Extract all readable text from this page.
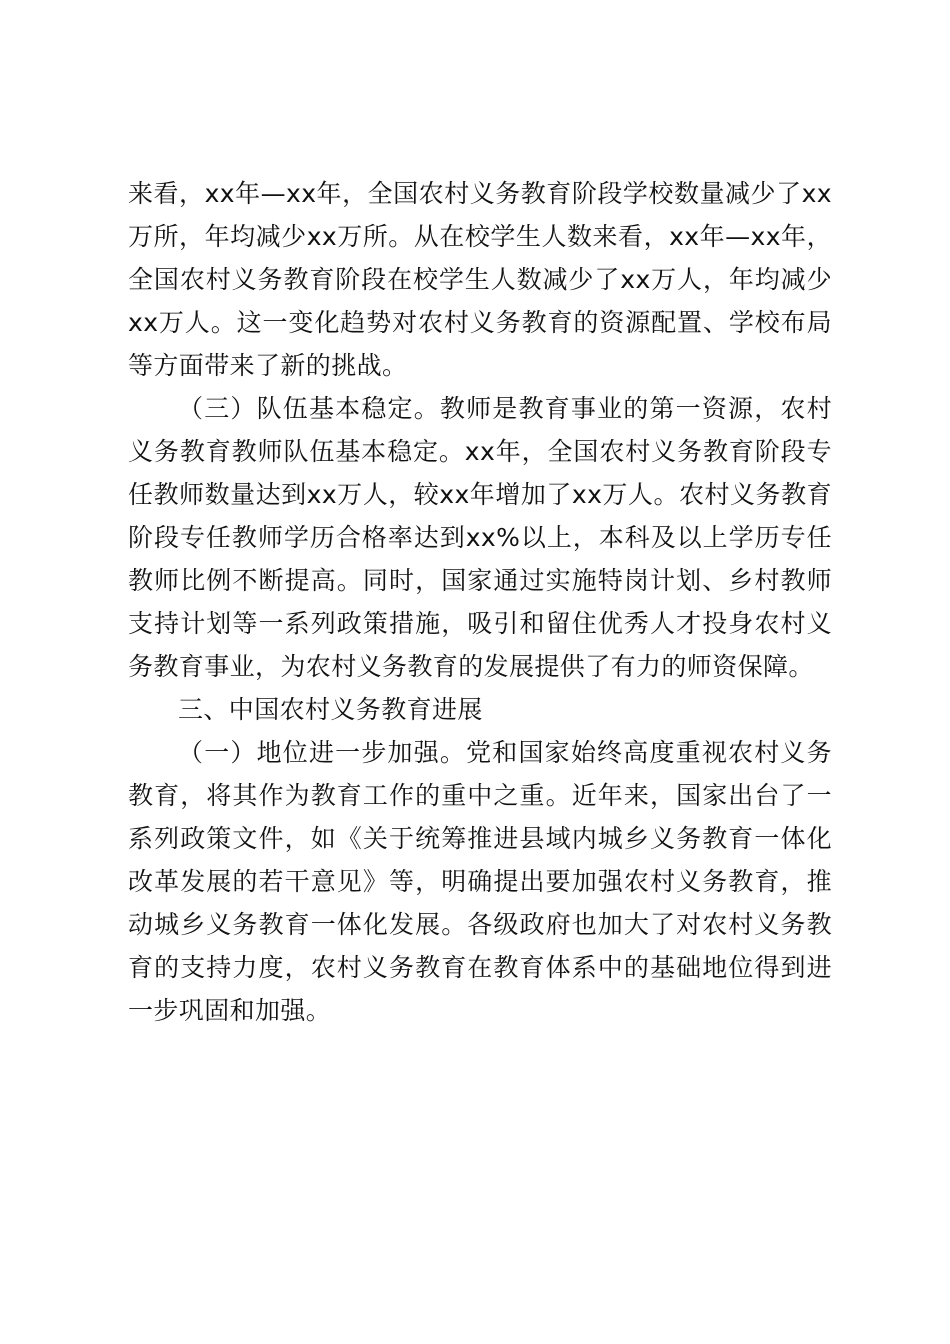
来看，xx年—xx年，全国农村义务教育阶段学校数量减少了xx万所，年均减少xx万所。从在校学生人数来看，xx年—xx年，全国农村义务教育阶段在校学生人数减少了xx万人，年均减少xx万人。这一变化趋势对农村义务教育的资源配置、学校布局等方面带来了新的挑战。

（三）队伍基本稳定。教师是教育事业的第一资源，农村义务教育教师队伍基本稳定。xx年，全国农村义务教育阶段专任教师数量达到xx万人，较xx年增加了xx万人。农村义务教育阶段专任教师学历合格率达到xx%以上，本科及以上学历专任教师比例不断提高。同时，国家通过实施特岗计划、乡村教师支持计划等一系列政策措施，吸引和留住优秀人才投身农村义务教育事业，为农村义务教育的发展提供了有力的师资保障。

三、中国农村义务教育进展

（一）地位进一步加强。党和国家始终高度重视农村义务教育，将其作为教育工作的重中之重。近年来，国家出台了一系列政策文件，如《关于统筹推进县域内城乡义务教育一体化改革发展的若干意见》等，明确提出要加强农村义务教育，推动城乡义务教育一体化发展。各级政府也加大了对农村义务教育的支持力度，农村义务教育在教育体系中的基础地位得到进一步巩固和加强。
